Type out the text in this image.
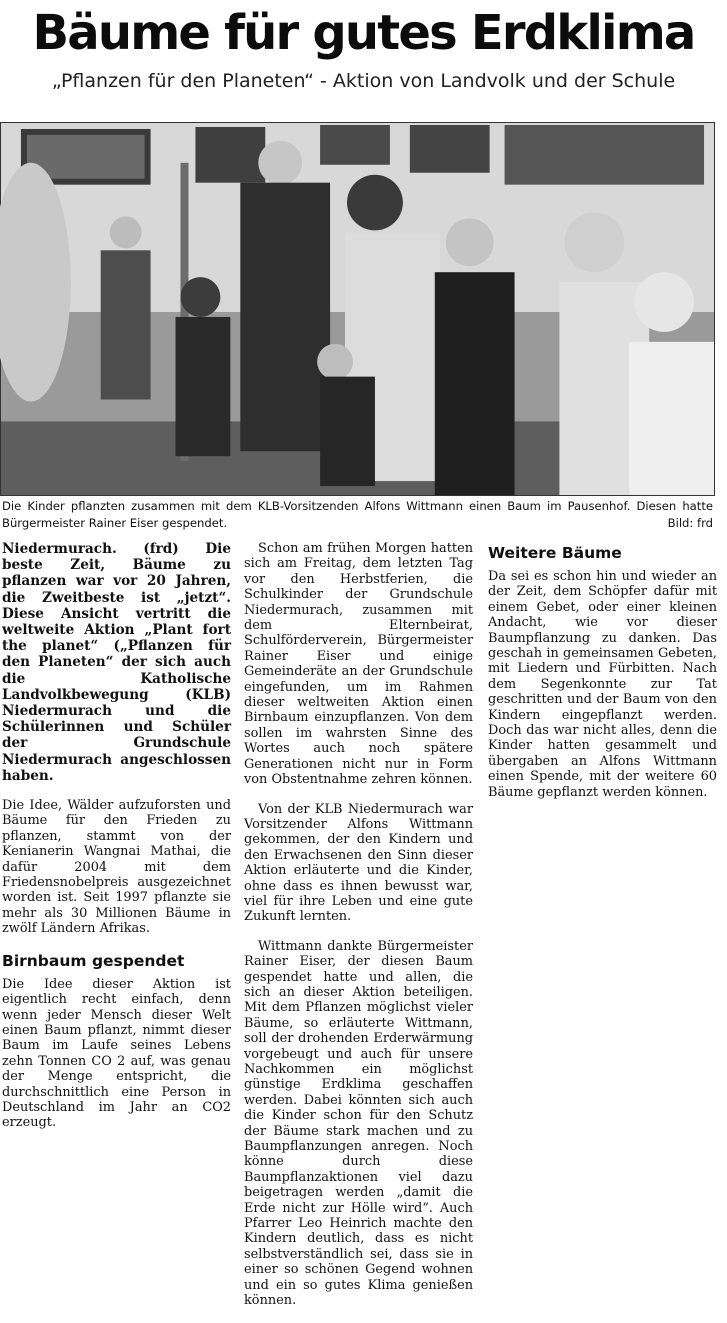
Bäume für gutes Erdklima
„Pflanzen für den Planeten“ - Aktion von Landvolk und der Schule
Die Kinder pflanzten zusammen mit dem KLB-Vorsitzenden Alfons Wittmann einen Baum im Pausenhof. Diesen hatte Bürgermeister Rainer Eiser gespendet.	Bild: frd

Niedermurach. (frd) Die beste Zeit, Bäume zu pflanzen war vor 20 Jahren, die Zweitbeste ist „jetzt“. Diese Ansicht vertritt die weltweite Aktion „Plant fort the planet“ („Pflanzen für den Planeten“ der sich auch die Katholische Landvolkbewegung (KLB) Niedermurach und die Schülerinnen und Schüler der Grundschule Niedermurach angeschlossen haben.

Die Idee, Wälder aufzuforsten und Bäume für den Frieden zu pflanzen, stammt von der Kenianerin Wangnai Mathai, die dafür 2004 mit dem Friedensnobelpreis ausgezeichnet worden ist. Seit 1997 pflanzte sie mehr als 30 Millionen Bäume in zwölf Ländern Afrikas.

Birnbaum gespendet

Die Idee dieser Aktion ist eigentlich recht einfach, denn wenn jeder Mensch dieser Welt einen Baum pflanzt, nimmt dieser Baum im Laufe seines Lebens zehn Tonnen CO 2 auf, was genau der Menge entspricht, die durchschnittlich eine Person in Deutschland im Jahr an CO2 erzeugt.

Schon am frühen Morgen hatten sich am Freitag, dem letzten Tag vor den Herbstferien, die Schulkinder der Grundschule Niedermurach, zusammen mit dem Elternbeirat, Schulförderverein, Bürgermeister Rainer Eiser und einige Gemeinderäte an der Grundschule eingefunden, um im Rahmen dieser weltweiten Aktion einen Birnbaum einzupflanzen. Von dem sollen im wahrsten Sinne des Wortes auch noch spätere Generationen nicht nur in Form von Obstentnahme zehren können.

Von der KLB Niedermurach war Vorsitzender Alfons Wittmann gekommen, der den Kindern und den Erwachsenen den Sinn dieser Aktion erläuterte und die Kinder, ohne dass es ihnen bewusst war, viel für ihre Leben und eine gute Zukunft lernten.

Wittmann dankte Bürgermeister Rainer Eiser, der diesen Baum gespendet hatte und allen, die sich an dieser Aktion beteiligen. Mit dem Pflanzen möglichst vieler Bäume, so erläuterte Wittmann, soll der drohenden Erderwärmung vorgebeugt und auch für unsere Nachkommen ein möglichst günstige Erdklima geschaffen werden. Dabei könnten sich auch die Kinder schon für den Schutz der Bäume stark machen und zu Baumpflanzungen anregen. Noch könne durch diese Baumpflanzaktionen viel dazu beigetragen werden „damit die Erde nicht zur Hölle wird“. Auch Pfarrer Leo Heinrich machte den Kindern deutlich, dass es nicht selbstverständlich sei, dass sie in einer so schönen Gegend wohnen und ein so gutes Klima genießen können.

Weitere Bäume

Da sei es schon hin und wieder an der Zeit, dem Schöpfer dafür mit einem Gebet, oder einer kleinen Andacht, wie vor dieser Baumpflanzung zu danken. Das geschah in gemeinsamen Gebeten, mit Liedern und Fürbitten. Nach dem Segenkonnte zur Tat geschritten und der Baum von den Kindern eingepflanzt werden. Doch das war nicht alles, denn die Kinder hatten gesammelt und übergaben an Alfons Wittmann einen Spende, mit der weitere 60 Bäume gepflanzt werden können.
